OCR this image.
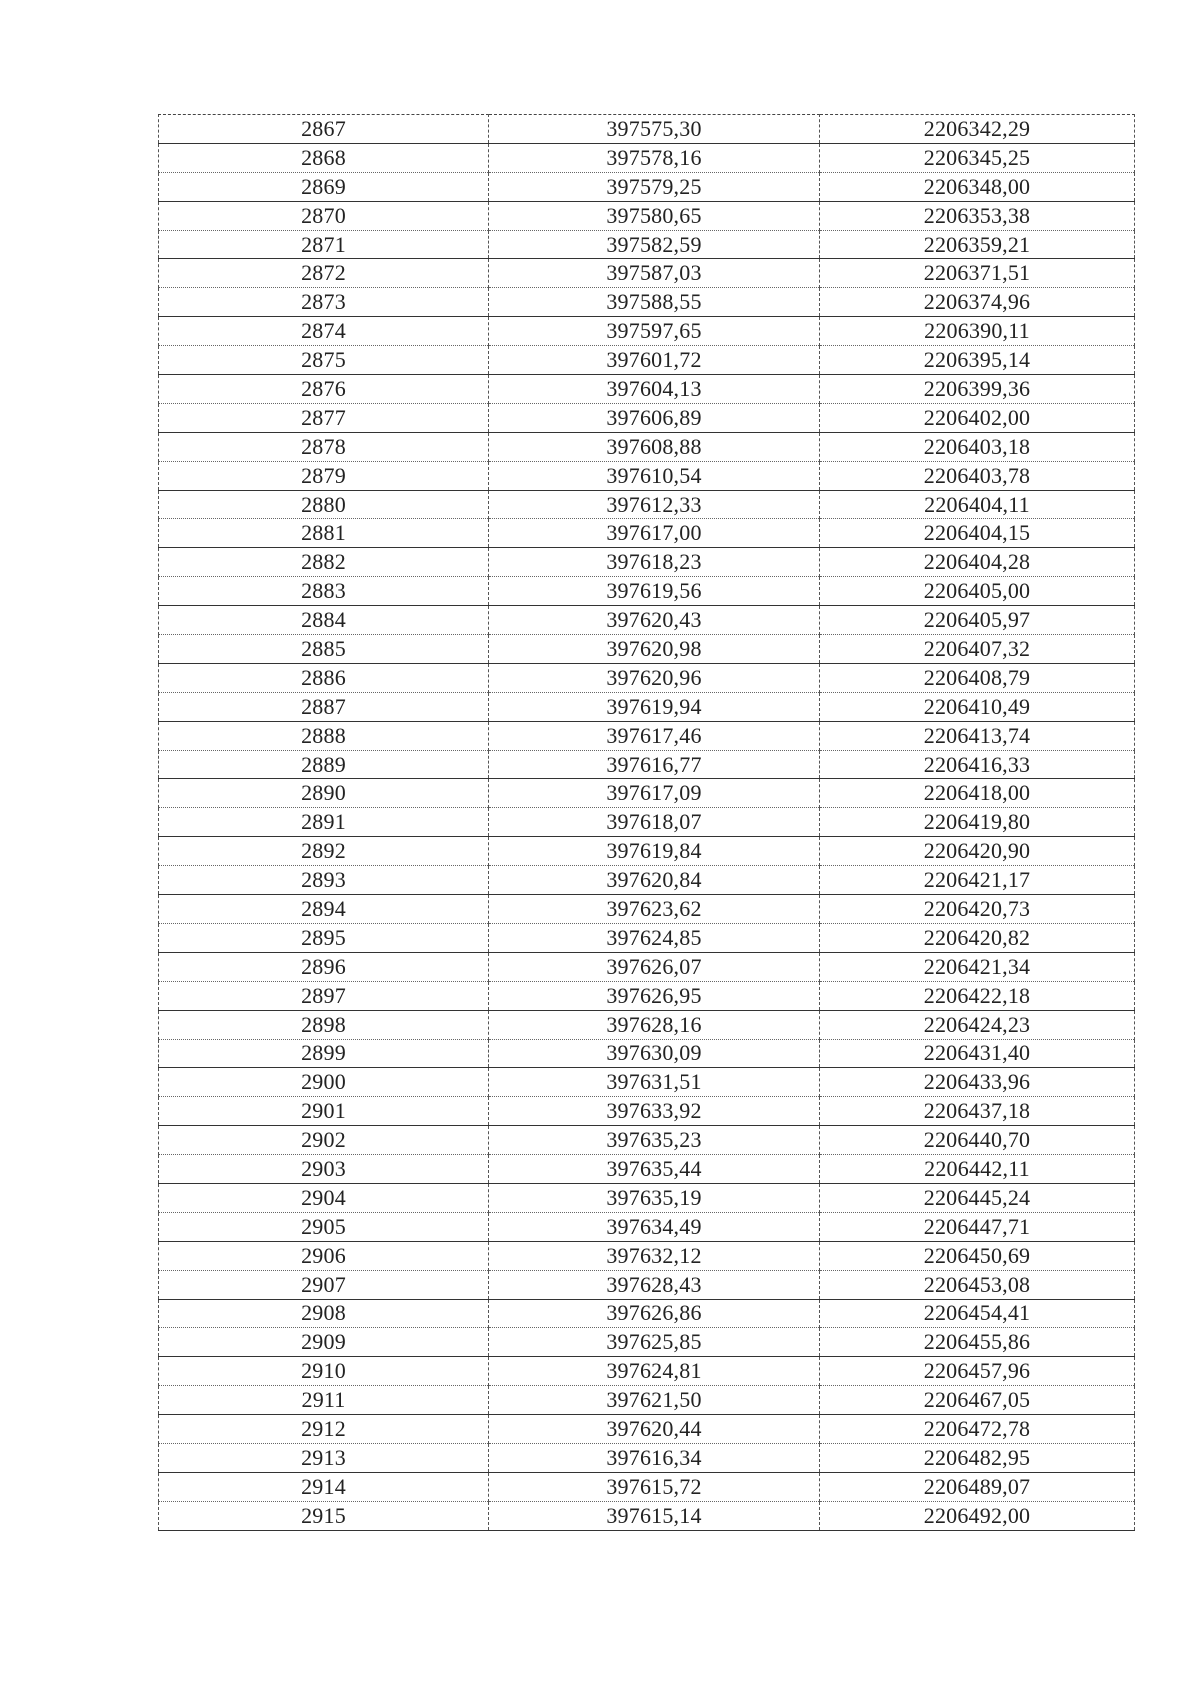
2867	397575,30	2206342,29
2868	397578,16	2206345,25
2869	397579,25	2206348,00
2870	397580,65	2206353,38
2871	397582,59	2206359,21
2872	397587,03	2206371,51
2873	397588,55	2206374,96
2874	397597,65	2206390,11
2875	397601,72	2206395,14
2876	397604,13	2206399,36
2877	397606,89	2206402,00
2878	397608,88	2206403,18
2879	397610,54	2206403,78
2880	397612,33	2206404,11
2881	397617,00	2206404,15
2882	397618,23	2206404,28
2883	397619,56	2206405,00
2884	397620,43	2206405,97
2885	397620,98	2206407,32
2886	397620,96	2206408,79
2887	397619,94	2206410,49
2888	397617,46	2206413,74
2889	397616,77	2206416,33
2890	397617,09	2206418,00
2891	397618,07	2206419,80
2892	397619,84	2206420,90
2893	397620,84	2206421,17
2894	397623,62	2206420,73
2895	397624,85	2206420,82
2896	397626,07	2206421,34
2897	397626,95	2206422,18
2898	397628,16	2206424,23
2899	397630,09	2206431,40
2900	397631,51	2206433,96
2901	397633,92	2206437,18
2902	397635,23	2206440,70
2903	397635,44	2206442,11
2904	397635,19	2206445,24
2905	397634,49	2206447,71
2906	397632,12	2206450,69
2907	397628,43	2206453,08
2908	397626,86	2206454,41
2909	397625,85	2206455,86
2910	397624,81	2206457,96
2911	397621,50	2206467,05
2912	397620,44	2206472,78
2913	397616,34	2206482,95
2914	397615,72	2206489,07
2915	397615,14	2206492,00
